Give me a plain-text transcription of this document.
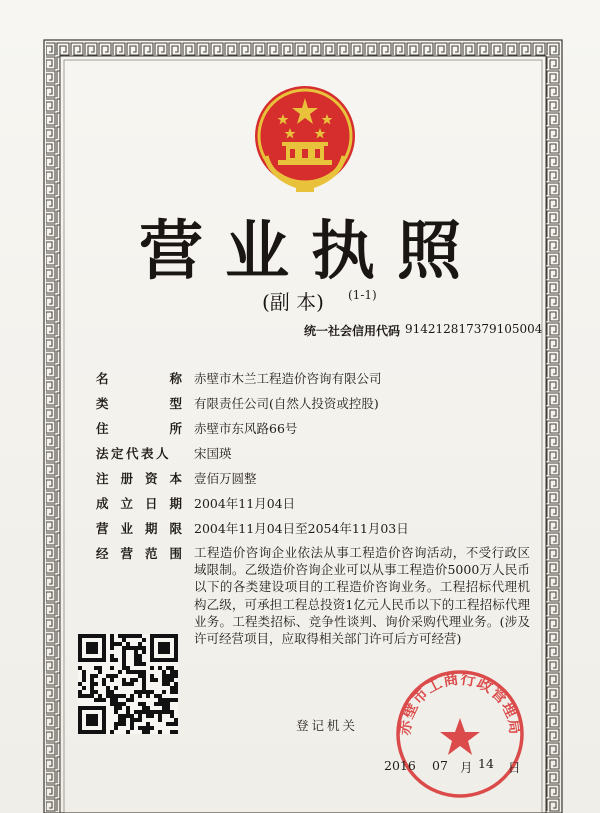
营业执照
(副 本) (1-1)
统一社会信用代码 91421281737910500​4
名	称 赤壁市木兰工程造价咨询有限公司
类	型 有限责任公司(自然人投资或控股)
住	所 赤壁市东风路66号
法定代表人 宋国瑛
注 册 资 本 壹佰万圆整
成 立 日 期 2004年11月04日
营 业 期 限 2004年11月04日至2054年11月03日
经 营 范 围 工程造价咨询企业依法从事工程造价咨询活动，不受行政区域限制。乙级造价咨询企业可以从事工程造价5000万人民币以下的各类建设项目的工程造价咨询业务。工程招标代理机构乙级，可承担工程总投资1亿元人民币以下的工程招标代理业务。工程类招标、竞争性谈判、询价采购代理业务。(涉及许可经营项目，应取得相关部门许可后方可经营)
登记机关 赤壁市工商行政管理局
2016 07 月 14 日
